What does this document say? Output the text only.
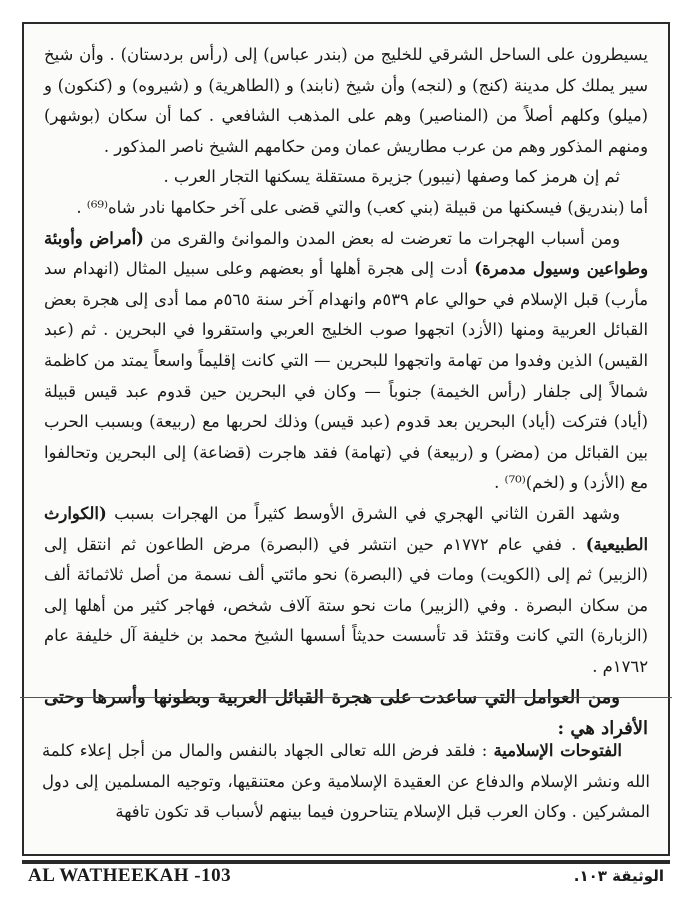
يسيطرون على الساحل الشرقي للخليج من (بندر عباس) إلى (رأس بردستان) . وأن شيخ سير يملك كل مدينة (كنج) و (لنجه) وأن شيخ (نابند) و (الطاهرية) و (شيروه) و (كنكون) و (ميلو) وكلهم أصلاً من (المناصير) وهم على المذهب الشافعي . كما أن سكان (بوشهر) ومنهم المذكور وهم من عرب مطاريش عمان ومن حكامهم الشيخ ناصر المذكور .

ثم إن هرمز كما وصفها (نيبور) جزيرة مستقلة يسكنها التجار العرب .

أما (بندريق) فيسكنها من قبيلة (بني كعب) والتي قضى على آخر حكامها نادر شاه⁽⁶⁹⁾ .

ومن أسباب الهجرات ما تعرضت له بعض المدن والموانئ والقرى من (أمراض وأوبئة وطواعين وسيول مدمرة) أدت إلى هجرة أهلها أو بعضهم وعلى سبيل المثال (انهدام سد مأرب) قبل الإسلام في حوالي عام ٥٣٩م وانهدام آخر سنة ٥٦٥م مما أدى إلى هجرة بعض القبائل العربية ومنها (الأزد) اتجهوا صوب الخليج العربي واستقروا في البحرين . ثم (عبد القيس) الذين وفدوا من تهامة واتجهوا للبحرين — التي كانت إقليماً واسعاً يمتد من كاظمة شمالاً إلى جلفار (رأس الخيمة) جنوباً — وكان في البحرين حين قدوم عبد قيس قبيلة (أياد) فتركت (أياد) البحرين بعد قدوم (عبد قيس) وذلك لحربها مع (ربيعة) وبسبب الحرب بين القبائل من (مضر) و (ربيعة) في (تهامة) فقد هاجرت (قضاعة) إلى البحرين وتحالفوا مع (الأزد) و (لخم)⁽⁷⁰⁾ .

وشهد القرن الثاني الهجري في الشرق الأوسط كثيراً من الهجرات بسبب (الكوارث الطبيعية) . ففي عام ١٧٧٢م حين انتشر في (البصرة) مرض الطاعون ثم انتقل إلى (الزبير) ثم إلى (الكويت) ومات في (البصرة) نحو مائتي ألف نسمة من أصل ثلاثمائة ألف من سكان البصرة . وفي (الزبير) مات نحو ستة آلاف شخص، فهاجر كثير من أهلها إلى (الزبارة) التي كانت وقتئذ قد تأسست حديثاً أسسها الشيخ محمد بن خليفة آل خليفة عام ١٧٦٢م .

ومن العوامل التي ساعدت على هجرة القبائل العربية وبطونها وأسرها وحتى الأفراد هي :

الفتوحات الإسلامية : فلقد فرض الله تعالى الجهاد بالنفس والمال من أجل إعلاء كلمة الله ونشر الإسلام والدفاع عن العقيدة الإسلامية وعن معتنقيها، وتوجيه المسلمين إلى دول المشركين . وكان العرب قبل الإسلام يتناحرون فيما بينهم لأسباب قد تكون تافهة

AL WATHEEKAH -103	الوثيقة ١٠٣.
